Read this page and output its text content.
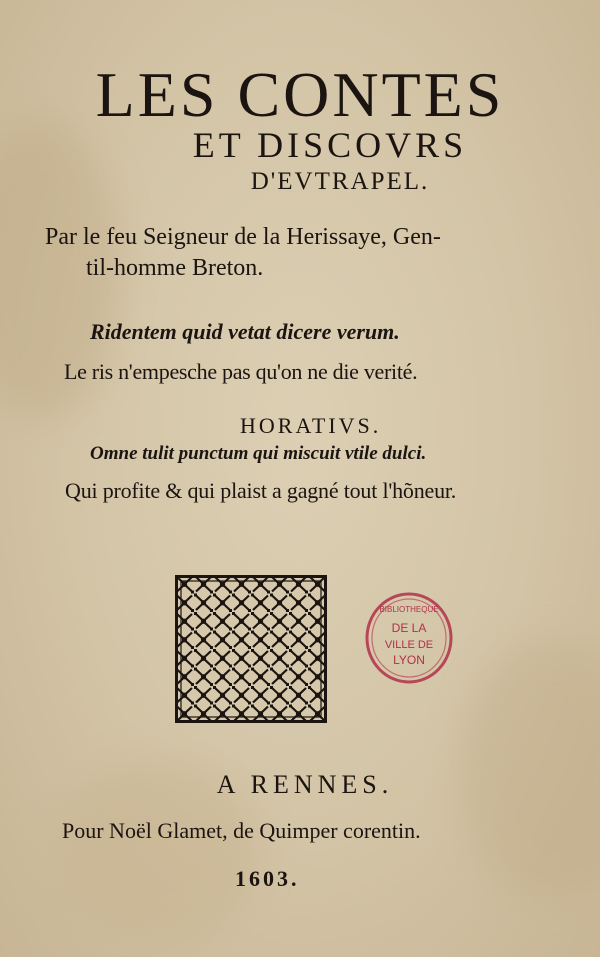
LES CONTES
ET DISCOVRS
D'EVTRAPEL.
Par le feu Seigneur de la Herissaye, Gen-
til-homme Breton.
Ridentem quid vetat dicere verum.
Le ris n'empesche pas qu'on ne die verité.
HORATIVS.
Omne tulit punctum qui miscuit vtile dulci.
Qui profite & qui plaist a gagné tout l'hõneur.
BIBLIOTHEQUE
DE LA
VILLE DE
LYON
A RENNES.
Pour Noël Glamet, de Quimper corentin.
1603.
